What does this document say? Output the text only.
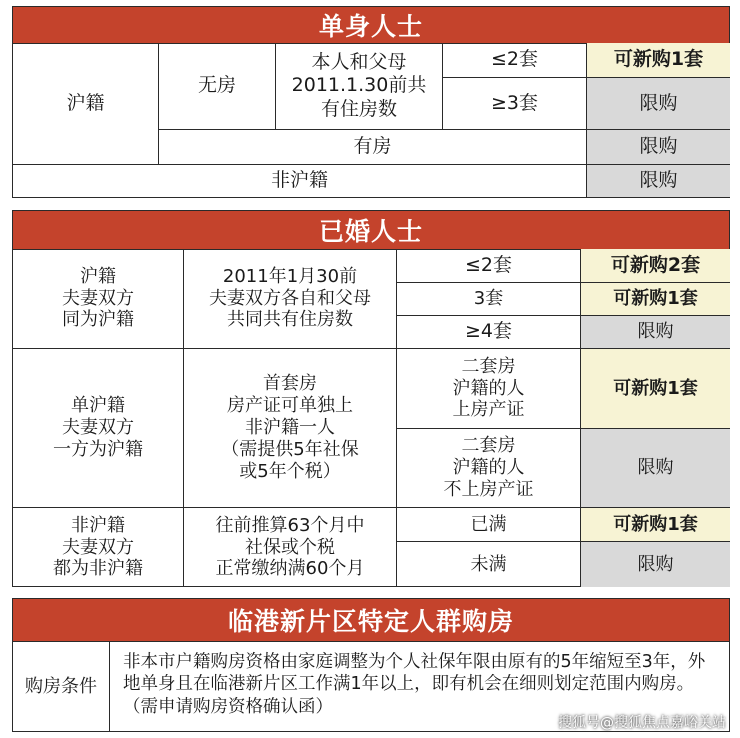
单身人士
沪籍
无房
本人和父母
2011.1.30前共
有住房数
≤2套
≥3套
可新购1套
限购
有房	限购
非沪籍	限购
已婚人士
沪籍
夫妻双方
同为沪籍
2011年1月30前
夫妻双方各自和父母
共同共有住房数
≤2套
3套
≥4套
可新购2套
可新购1套
限购
单沪籍
夫妻双方
一方为沪籍
首套房
房产证可单独上
非沪籍一人
（需提供5年社保
或5年个税）
二套房
沪籍的人
上房产证
二套房
沪籍的人
不上房产证
可新购1套
限购
非沪籍
夫妻双方
都为非沪籍
往前推算63个月中
社保或个税
正常缴纳满60个月
已满
未满
可新购1套
限购
临港新片区特定人群购房
购房条件
非本市户籍购房资格由家庭调整为个人社保年限由原有的5年缩短至3年，外地单身且在临港新片区工作满1年以上，即有机会在细则划定范围内购房。（需申请购房资格确认函）
搜狐号@搜狐焦点嘉峪关站
